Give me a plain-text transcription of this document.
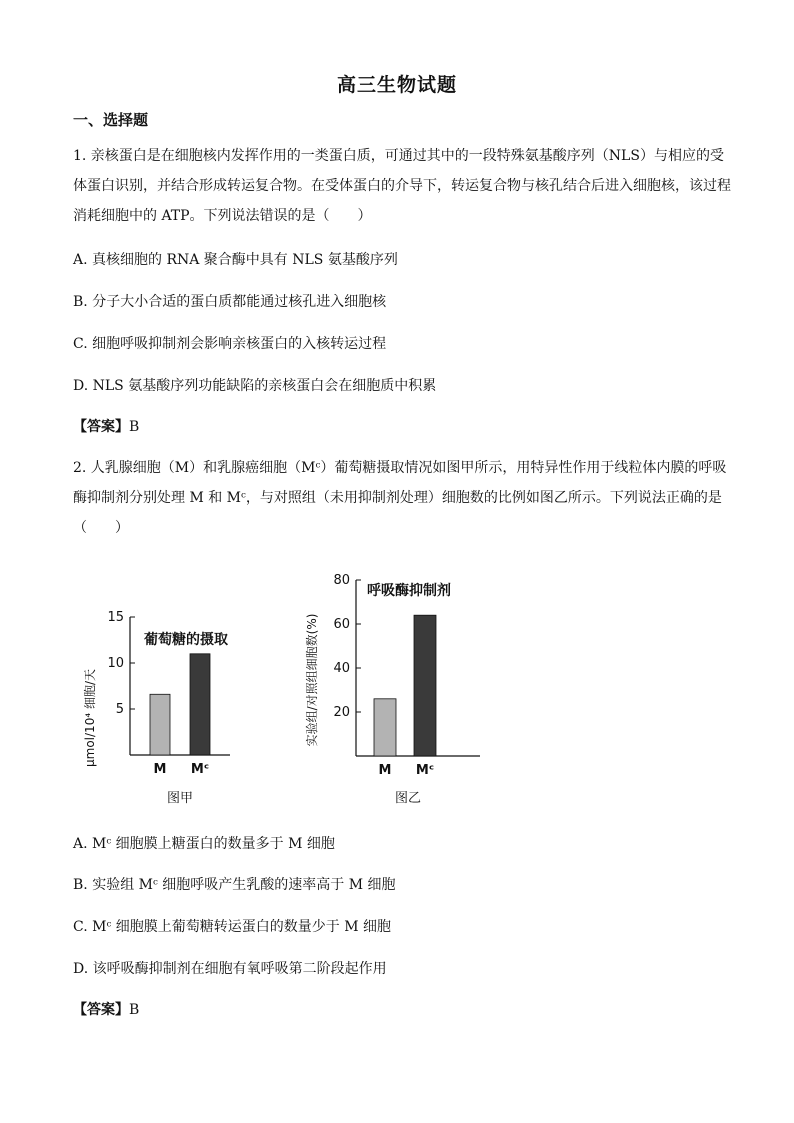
高三生物试题
一、选择题
1. 亲核蛋白是在细胞核内发挥作用的一类蛋白质，可通过其中的一段特殊氨基酸序列（NLS）与相应的受体蛋白识别，并结合形成转运复合物。在受体蛋白的介导下，转运复合物与核孔结合后进入细胞核，该过程消耗细胞中的 ATP。下列说法错误的是（　　）
A. 真核细胞的 RNA 聚合酶中具有 NLS 氨基酸序列
B. 分子大小合适的蛋白质都能通过核孔进入细胞核
C. 细胞呼吸抑制剂会影响亲核蛋白的入核转运过程
D. NLS 氨基酸序列功能缺陷的亲核蛋白会在细胞质中积累
【答案】B
2. 人乳腺细胞（M）和乳腺癌细胞（Mᶜ）葡萄糖摄取情况如图甲所示，用特异性作用于线粒体内膜的呼吸酶抑制剂分别处理 M 和 Mᶜ，与对照组（未用抑制剂处理）细胞数的比例如图乙所示。下列说法正确的是（　　）
葡萄糖的摄取
μmol/10⁴ 细胞/天 5
10
15
M Mᶜ
图甲
呼吸酶抑制剂
实验组/对照组细胞数(%) 20
40
60
80
M Mᶜ
图乙
A. Mᶜ 细胞膜上糖蛋白的数量多于 M 细胞
B. 实验组 Mᶜ 细胞呼吸产生乳酸的速率高于 M 细胞
C. Mᶜ 细胞膜上葡萄糖转运蛋白的数量少于 M 细胞
D. 该呼吸酶抑制剂在细胞有氧呼吸第二阶段起作用
【答案】B
